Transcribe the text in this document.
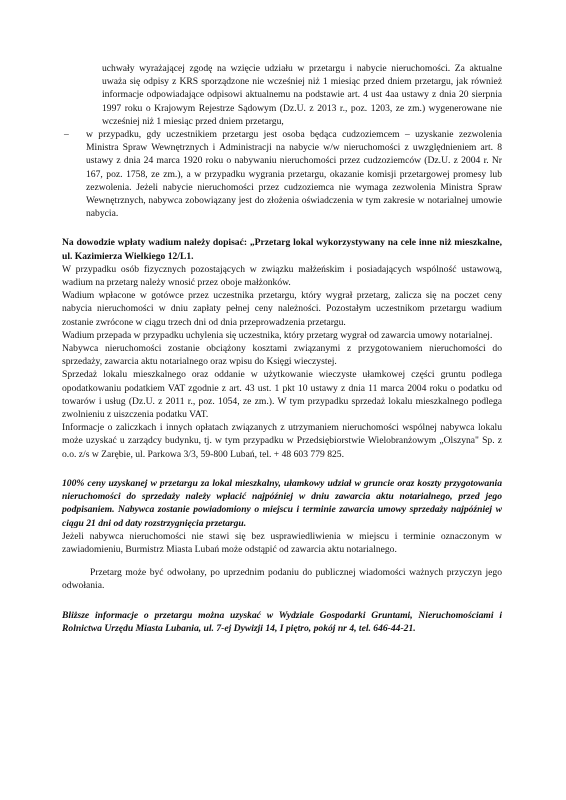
uchwały wyrażającej zgodę na wzięcie udziału w przetargu i nabycie nieruchomości. Za aktualne uważa się odpisy z KRS sporządzone nie wcześniej niż 1 miesiąc przed dniem przetargu, jak również informacje odpowiadające odpisowi aktualnemu na podstawie art. 4 ust 4aa ustawy z dnia 20 sierpnia 1997 roku o Krajowym Rejestrze Sądowym (Dz.U. z 2013 r., poz. 1203, ze zm.) wygenerowane nie wcześniej niż 1 miesiąc przed dniem przetargu,

–	w przypadku, gdy uczestnikiem przetargu jest osoba będąca cudzoziemcem – uzyskanie zezwolenia Ministra Spraw Wewnętrznych i Administracji na nabycie w/w nieruchomości z uwzględnieniem art. 8 ustawy z dnia 24 marca 1920 roku o nabywaniu nieruchomości przez cudzoziemców (Dz.U. z 2004 r. Nr 167, poz. 1758, ze zm.), a w przypadku wygrania przetargu, okazanie komisji przetargowej promesy lub zezwolenia. Jeżeli nabycie nieruchomości przez cudzoziemca nie wymaga zezwolenia Ministra Spraw Wewnętrznych, nabywca zobowiązany jest do złożenia oświadczenia w tym zakresie w notarialnej umowie nabycia.

Na dowodzie wpłaty wadium należy dopisać: „Przetarg lokal wykorzystywany na cele inne niż mieszkalne, ul. Kazimierza Wielkiego 12/L1.

W przypadku osób fizycznych pozostających w związku małżeńskim i posiadających wspólność ustawową, wadium na przetarg należy wnosić przez oboje małżonków.

Wadium wpłacone w gotówce przez uczestnika przetargu, który wygrał przetarg, zalicza się na poczet ceny nabycia nieruchomości w dniu zapłaty pełnej ceny należności. Pozostałym uczestnikom przetargu wadium zostanie zwrócone w ciągu trzech dni od dnia przeprowadzenia przetargu.

Wadium przepada w przypadku uchylenia się uczestnika, który przetarg wygrał od zawarcia umowy notarialnej.

Nabywca nieruchomości zostanie obciążony kosztami związanymi z przygotowaniem nieruchomości do sprzedaży, zawarcia aktu notarialnego oraz wpisu do Księgi wieczystej.

Sprzedaż lokalu mieszkalnego oraz oddanie w użytkowanie wieczyste ułamkowej części gruntu podlega opodatkowaniu podatkiem VAT zgodnie z art. 43 ust. 1 pkt 10 ustawy z dnia 11 marca 2004 roku o podatku od towarów i usług (Dz.U. z 2011 r., poz. 1054, ze zm.). W tym przypadku sprzedaż lokalu mieszkalnego podlega zwolnieniu z uiszczenia podatku VAT.

Informacje o zaliczkach i innych opłatach związanych z utrzymaniem nieruchomości wspólnej nabywca lokalu może uzyskać u zarządcy budynku, tj. w tym przypadku w Przedsiębiorstwie Wielobranżowym „Olszyna" Sp. z o.o. z/s w Zarębie, ul. Parkowa 3/3, 59-800 Lubań, tel. + 48 603 779 825.

100% ceny uzyskanej w przetargu za lokal mieszkalny, ułamkowy udział w gruncie oraz koszty przygotowania nieruchomości do sprzedaży należy wpłacić najpóźniej w dniu zawarcia aktu notarialnego, przed jego podpisaniem. Nabywca zostanie powiadomiony o miejscu i terminie zawarcia umowy sprzedaży najpóźniej w ciągu 21 dni od daty rozstrzygnięcia przetargu.

Jeżeli nabywca nieruchomości nie stawi się bez usprawiedliwienia w miejscu i terminie oznaczonym w zawiadomieniu, Burmistrz Miasta Lubań może odstąpić od zawarcia aktu notarialnego.

Przetarg może być odwołany, po uprzednim podaniu do publicznej wiadomości ważnych przyczyn jego odwołania.

Bliższe informacje o przetargu można uzyskać w Wydziale Gospodarki Gruntami, Nieruchomościami i Rolnictwa Urzędu Miasta Lubania, ul. 7-ej Dywizji 14, I piętro, pokój nr 4, tel. 646-44-21.
